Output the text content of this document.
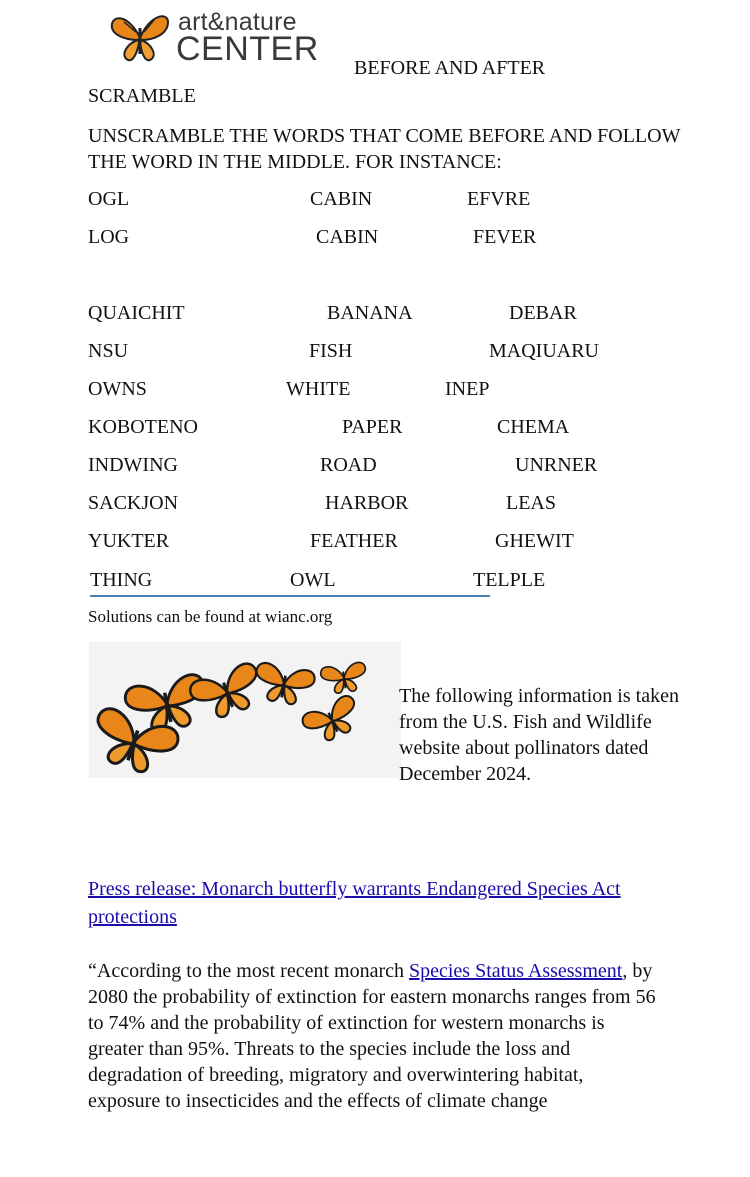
art&nature
CENTER BEFORE AND AFTER
SCRAMBLE
UNSCRAMBLE THE WORDS THAT COME BEFORE AND FOLLOW THE WORD IN THE MIDDLE. FOR INSTANCE:
OGL	CABIN	EFVRE
LOG	CABIN	FEVER
QUAICHIT	BANANA	DEBAR
NSU	FISH	MAQIUARU
OWNS	WHITE	INEP
KOBOTENO	PAPER	CHEMA
INDWING	ROAD	UNRNER
SACKJON	HARBOR	LEAS
YUKTER	FEATHER	GHEWIT
THING	OWL	TELPLE
Solutions can be found at wianc.org
The following information is taken from the U.S. Fish and Wildlife website about pollinators dated December 2024.
Press release: Monarch butterfly warrants Endangered Species Act protections
“According to the most recent monarch Species Status Assessment, by 2080 the probability of extinction for eastern monarchs ranges from 56 to 74% and the probability of extinction for western monarchs is greater than 95%. Threats to the species include the loss and degradation of breeding, migratory and overwintering habitat, exposure to insecticides and the effects of climate change
